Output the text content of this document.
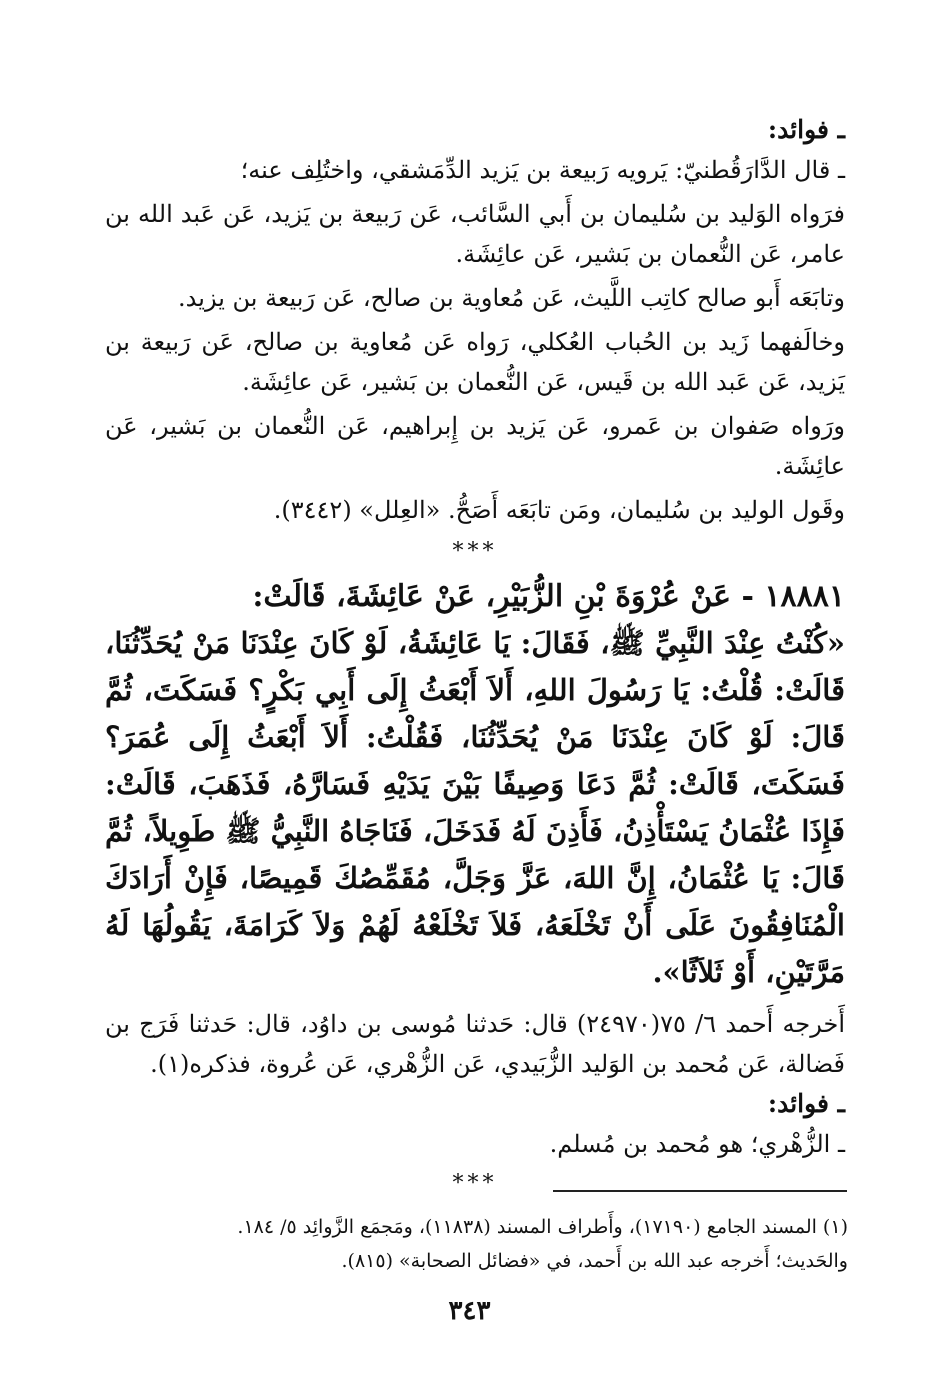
ـ فوائد:

ـ قال الدَّارَقُطنيّ: يَرويه رَبيعة بن يَزيد الدِّمَشقي، واختُلِف عنه؛

فرَواه الوَليد بن سُليمان بن أَبي السَّائب، عَن رَبيعة بن يَزيد، عَن عَبد الله بن عامر، عَن النُّعمان بن بَشير، عَن عائِشَة.

وتابَعَه أَبو صالح كاتِب اللَّيث، عَن مُعاوية بن صالح، عَن رَبيعة بن يزيد.

وخالَفهما زَيد بن الحُباب العُكلي، رَواه عَن مُعاوية بن صالح، عَن رَبيعة بن يَزيد، عَن عَبد الله بن قَيس، عَن النُّعمان بن بَشير، عَن عائِشَة.

ورَواه صَفوان بن عَمرو، عَن يَزيد بن إِبراهيم، عَن النُّعمان بن بَشير، عَن عائِشَة.

وقَول الوليد بن سُليمان، ومَن تابَعَه أَصَحُّ. «العِلل» (٣٤٤٢).

***

١٨٨٨١ - عَنْ عُرْوَةَ بْنِ الزُّبَيْرِ، عَنْ عَائِشَةَ، قَالَتْ:

«كُنْتُ عِنْدَ النَّبِيِّ ﷺ، فَقَالَ: يَا عَائِشَةُ، لَوْ كَانَ عِنْدَنَا مَنْ يُحَدِّثُنَا، قَالَتْ: قُلْتُ: يَا رَسُولَ اللهِ، أَلاَ أَبْعَثُ إِلَى أَبِي بَكْرٍ؟ فَسَكَتَ، ثُمَّ قَالَ: لَوْ كَانَ عِنْدَنَا مَنْ يُحَدِّثُنَا، فَقُلْتُ: أَلاَ أَبْعَثُ إِلَى عُمَرَ؟ فَسَكَتَ، قَالَتْ: ثُمَّ دَعَا وَصِيفًا بَيْنَ يَدَيْهِ فَسَارَّهُ، فَذَهَبَ، قَالَتْ: فَإِذَا عُثْمَانُ يَسْتَأْذِنُ، فَأَذِنَ لَهُ فَدَخَلَ، فَنَاجَاهُ النَّبِيُّ ﷺ طَوِيلاً، ثُمَّ قَالَ: يَا عُثْمَانُ، إِنَّ اللهَ، عَزَّ وَجَلَّ، مُقَمِّصُكَ قَمِيصًا، فَإِنْ أَرَادَكَ الْمُنَافِقُونَ عَلَى أَنْ تَخْلَعَهُ، فَلاَ تَخْلَعْهُ لَهُمْ وَلاَ كَرَامَةَ، يَقُولُهَا لَهُ مَرَّتَيْنِ، أَوْ ثَلاَثًا».

أَخرجه أَحمد ٦/ ٧٥(٢٤٩٧٠) قال: حَدثنا مُوسى بن داوُد، قال: حَدثنا فَرَج بن فَضالة، عَن مُحمد بن الوَليد الزُّبَيدي، عَن الزُّهْري، عَن عُروة، فذكره(١).

ـ فوائد:

ـ الزُّهْري؛ هو مُحمد بن مُسلم.

***
(١) المسند الجامع (١٧١٩٠)، وأَطراف المسند (١١٨٣٨)، ومَجمَع الزَّوائِد ٥/ ١٨٤.
والحَديث؛ أَخرجه عبد الله بن أَحمد، في «فضائل الصحابة» (٨١٥).
٣٤٣
